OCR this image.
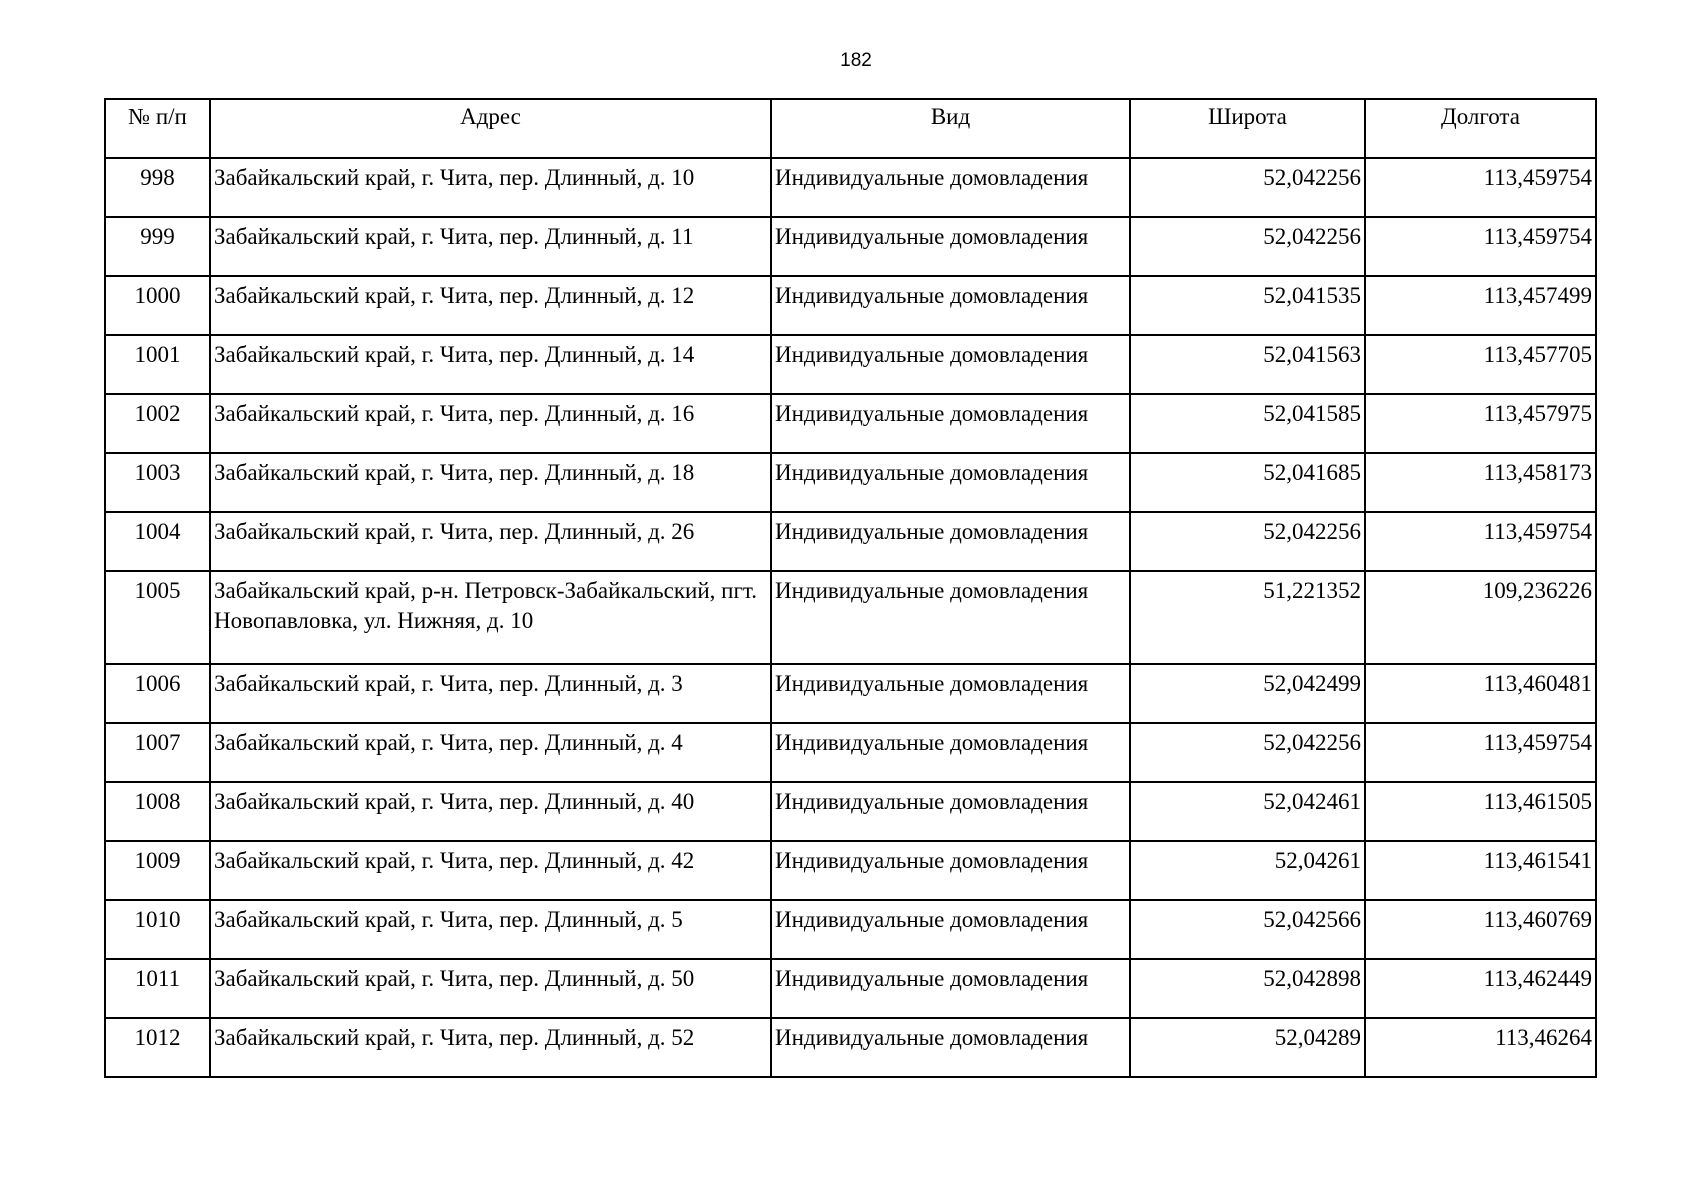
182
№ п/п	Адрес	Вид	Широта	Долгота
998	Забайкальский край, г. Чита, пер. Длинный, д. 10	Индивидуальные домовладения	52,042256	113,459754
999	Забайкальский край, г. Чита, пер. Длинный, д. 11	Индивидуальные домовладения	52,042256	113,459754
1000	Забайкальский край, г. Чита, пер. Длинный, д. 12	Индивидуальные домовладения	52,041535	113,457499
1001	Забайкальский край, г. Чита, пер. Длинный, д. 14	Индивидуальные домовладения	52,041563	113,457705
1002	Забайкальский край, г. Чита, пер. Длинный, д. 16	Индивидуальные домовладения	52,041585	113,457975
1003	Забайкальский край, г. Чита, пер. Длинный, д. 18	Индивидуальные домовладения	52,041685	113,458173
1004	Забайкальский край, г. Чита, пер. Длинный, д. 26	Индивидуальные домовладения	52,042256	113,459754
1005	Забайкальский край, р-н. Петровск-Забайкальский, пгт. Новопавловка, ул. Нижняя, д. 10	Индивидуальные домовладения	51,221352	109,236226
1006	Забайкальский край, г. Чита, пер. Длинный, д. 3	Индивидуальные домовладения	52,042499	113,460481
1007	Забайкальский край, г. Чита, пер. Длинный, д. 4	Индивидуальные домовладения	52,042256	113,459754
1008	Забайкальский край, г. Чита, пер. Длинный, д. 40	Индивидуальные домовладения	52,042461	113,461505
1009	Забайкальский край, г. Чита, пер. Длинный, д. 42	Индивидуальные домовладения	52,04261	113,461541
1010	Забайкальский край, г. Чита, пер. Длинный, д. 5	Индивидуальные домовладения	52,042566	113,460769
1011	Забайкальский край, г. Чита, пер. Длинный, д. 50	Индивидуальные домовладения	52,042898	113,462449
1012	Забайкальский край, г. Чита, пер. Длинный, д. 52	Индивидуальные домовладения	52,04289	113,46264
